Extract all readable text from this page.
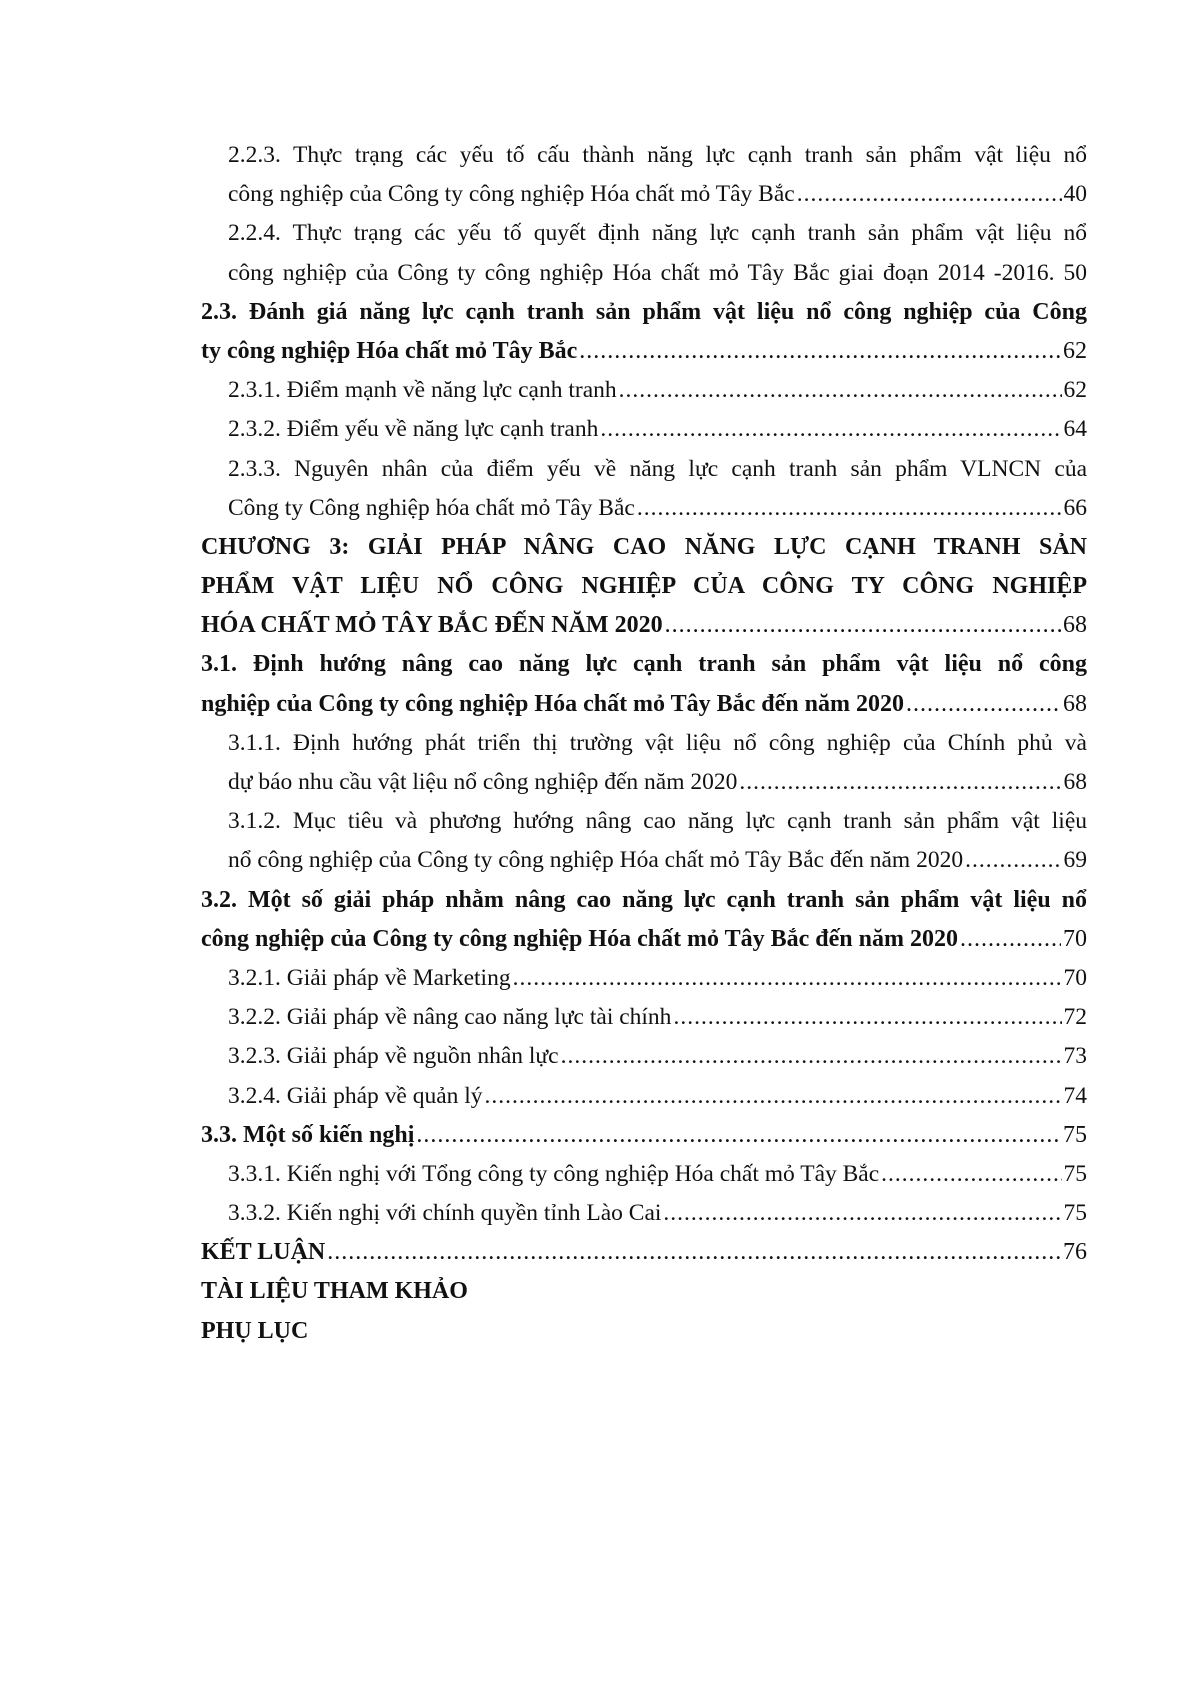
2.2.3. Thực trạng các yếu tố cấu thành năng lực cạnh tranh sản phẩm vật liệu nổ
công nghiệp của Công ty công nghiệp Hóa chất mỏ Tây Bắc .....	40
2.2.4. Thực trạng các yếu tố quyết định năng lực cạnh tranh sản phẩm vật liệu nổ
công nghiệp của Công ty công nghiệp Hóa chất mỏ Tây Bắc giai đoạn 2014 -2016. 50
2.3. Đánh giá năng lực cạnh tranh sản phẩm vật liệu nổ công nghiệp của Công
ty công nghiệp Hóa chất mỏ Tây Bắc .....	62
2.3.1. Điểm mạnh về năng lực cạnh tranh .....	62
2.3.2. Điểm yếu về năng lực cạnh tranh .....	64
2.3.3. Nguyên nhân của điểm yếu về năng lực cạnh tranh sản phẩm VLNCN của
Công ty Công nghiệp hóa chất mỏ Tây Bắc .....	66
CHƯƠNG 3: GIẢI PHÁP NÂNG CAO NĂNG LỰC CẠNH TRANH SẢN
PHẨM VẬT LIỆU NỔ CÔNG NGHIỆP CỦA CÔNG TY CÔNG NGHIỆP
HÓA CHẤT MỎ TÂY BẮC ĐẾN NĂM 2020 .....	68
3.1. Định hướng nâng cao năng lực cạnh tranh sản phẩm vật liệu nổ công
nghiệp của Công ty công nghiệp Hóa chất mỏ Tây Bắc đến năm 2020 .....	68
3.1.1. Định hướng phát triển thị trường vật liệu nổ công nghiệp của Chính phủ và
dự báo nhu cầu vật liệu nổ công nghiệp đến năm 2020 .....	68
3.1.2. Mục tiêu và phương hướng nâng cao năng lực cạnh tranh sản phẩm vật liệu
nổ công nghiệp của Công ty công nghiệp Hóa chất mỏ Tây Bắc đến năm 2020 .....	69
3.2. Một số giải pháp nhằm nâng cao năng lực cạnh tranh sản phẩm vật liệu nổ
công nghiệp của Công ty công nghiệp Hóa chất mỏ Tây Bắc đến năm 2020 .....	70
3.2.1. Giải pháp về Marketing .....	70
3.2.2. Giải pháp về nâng cao năng lực tài chính .....	72
3.2.3. Giải pháp về nguồn nhân lực .....	73
3.2.4. Giải pháp về quản lý .....	74
3.3. Một số kiến nghị .....	75
3.3.1. Kiến nghị với Tổng công ty công nghiệp Hóa chất mỏ Tây Bắc .....	75
3.3.2. Kiến nghị với chính quyền tỉnh Lào Cai .....	75
KẾT LUẬN .....	76
TÀI LIỆU THAM KHẢO
PHỤ LỤC
